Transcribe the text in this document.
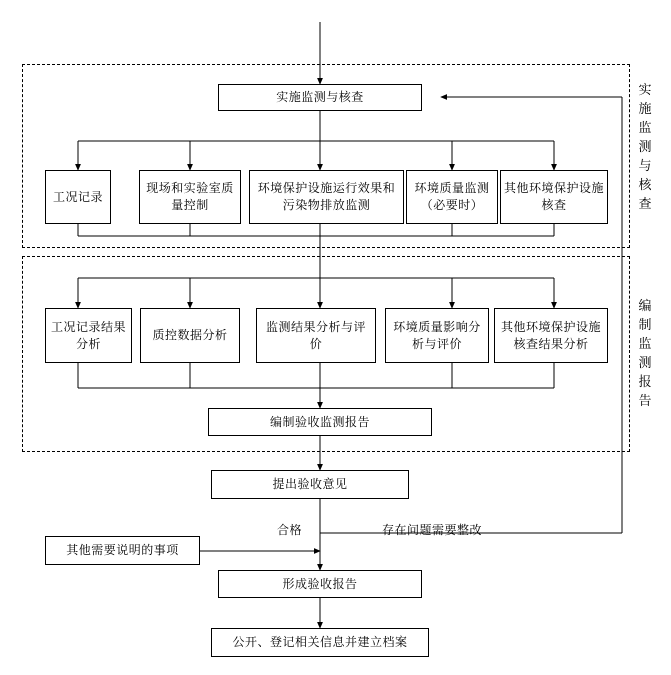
实施监测与核查
编制监测报告
实施监测与核查
工况记录
现场和实验室质量控制
环境保护设施运行效果和污染物排放监测
环境质量监测（必要时）
其他环境保护设施核查
工况记录结果分析
质控数据分析
监测结果分析与评价
环境质量影响分析与评价
其他环境保护设施核查结果分析
编制验收监测报告
提出验收意见
其他需要说明的事项
形成验收报告
公开、登记相关信息并建立档案
合格	存在问题需要整改
